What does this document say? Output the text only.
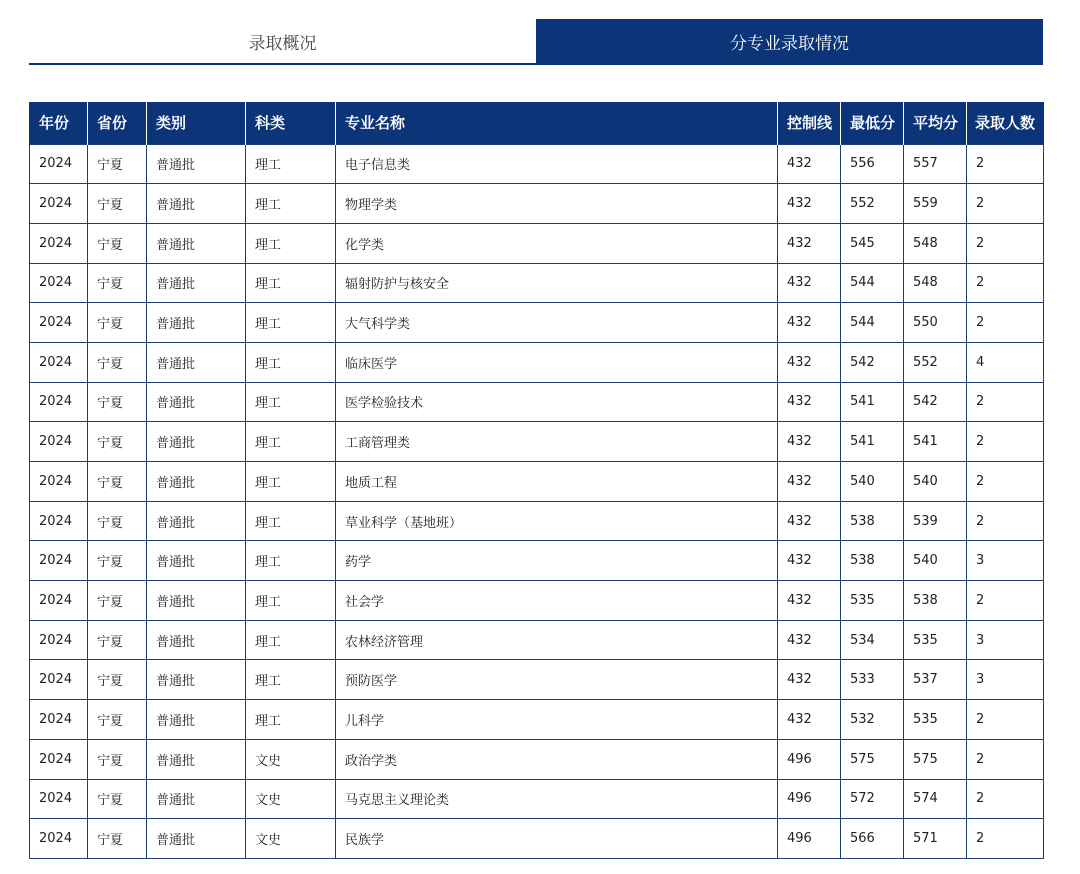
录取概况	分专业录取情况
年份	省份	类别	科类	专业名称	控制线	最低分	平均分	录取人数
2024	宁夏	普通批	理工	电子信息类	432	556	557	2
2024	宁夏	普通批	理工	物理学类	432	552	559	2
2024	宁夏	普通批	理工	化学类	432	545	548	2
2024	宁夏	普通批	理工	辐射防护与核安全	432	544	548	2
2024	宁夏	普通批	理工	大气科学类	432	544	550	2
2024	宁夏	普通批	理工	临床医学	432	542	552	4
2024	宁夏	普通批	理工	医学检验技术	432	541	542	2
2024	宁夏	普通批	理工	工商管理类	432	541	541	2
2024	宁夏	普通批	理工	地质工程	432	540	540	2
2024	宁夏	普通批	理工	草业科学（基地班）	432	538	539	2
2024	宁夏	普通批	理工	药学	432	538	540	3
2024	宁夏	普通批	理工	社会学	432	535	538	2
2024	宁夏	普通批	理工	农林经济管理	432	534	535	3
2024	宁夏	普通批	理工	预防医学	432	533	537	3
2024	宁夏	普通批	理工	儿科学	432	532	535	2
2024	宁夏	普通批	文史	政治学类	496	575	575	2
2024	宁夏	普通批	文史	马克思主义理论类	496	572	574	2
2024	宁夏	普通批	文史	民族学	496	566	571	2
